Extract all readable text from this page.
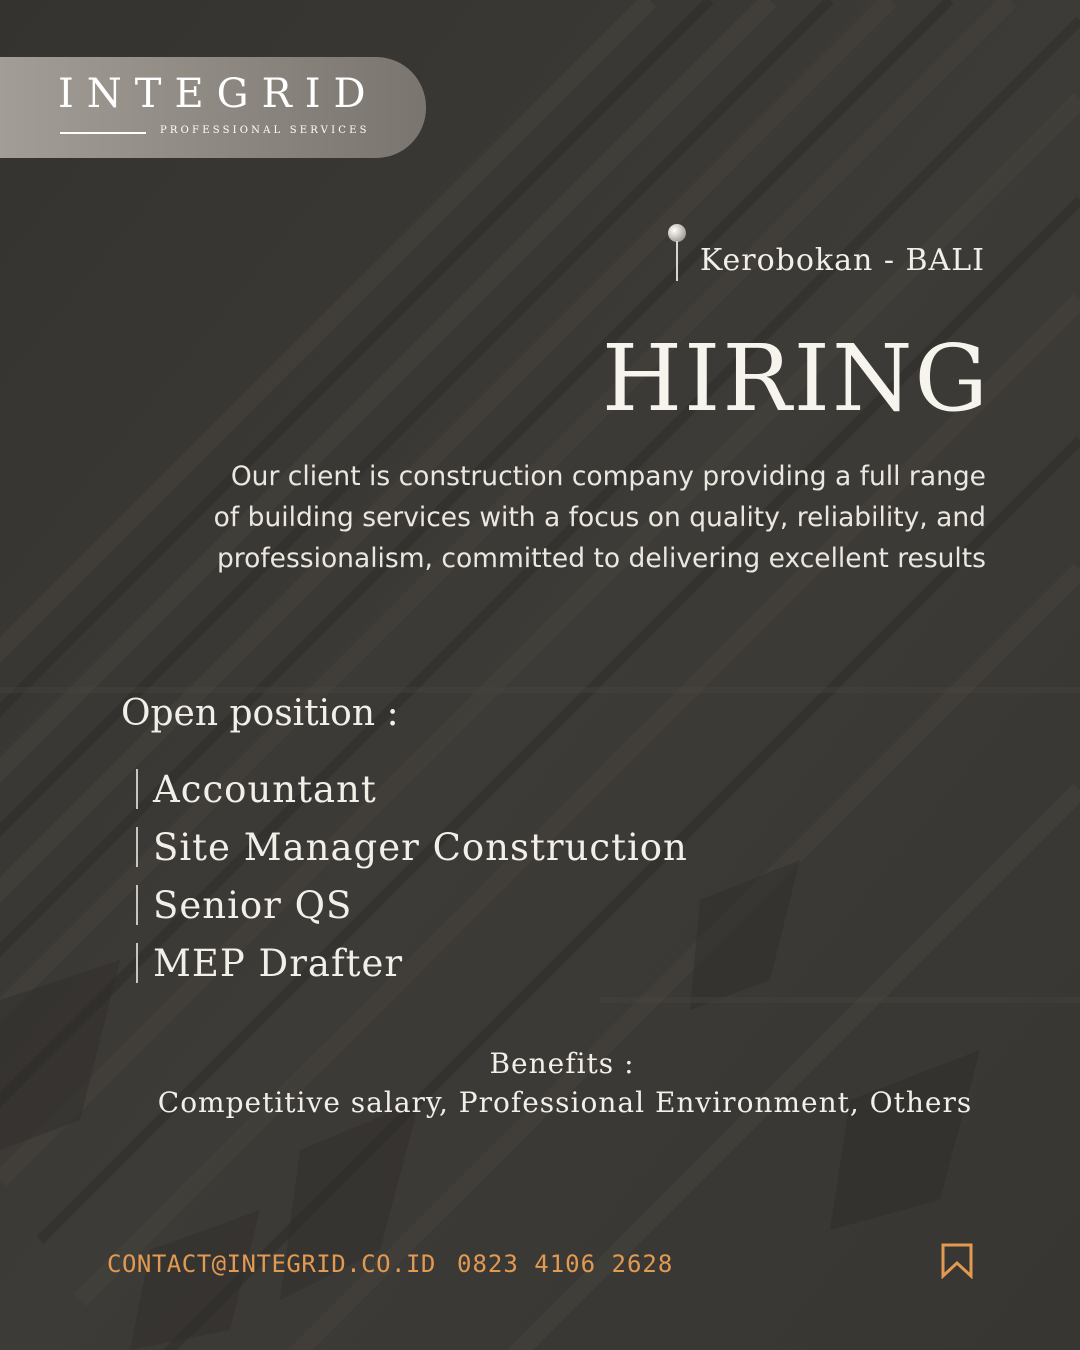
INTEGRID
PROFESSIONAL SERVICES
Kerobokan - BALI
HIRING
Our client is construction company providing a full range
of building services with a focus on quality, reliability, and
professionalism, committed to delivering excellent results
Open position :
Accountant
Site Manager Construction
Senior QS
MEP Drafter
Benefits :
Competitive salary, Professional Environment, Others
CONTACT@INTEGRID.CO.ID 0823 4106 2628
